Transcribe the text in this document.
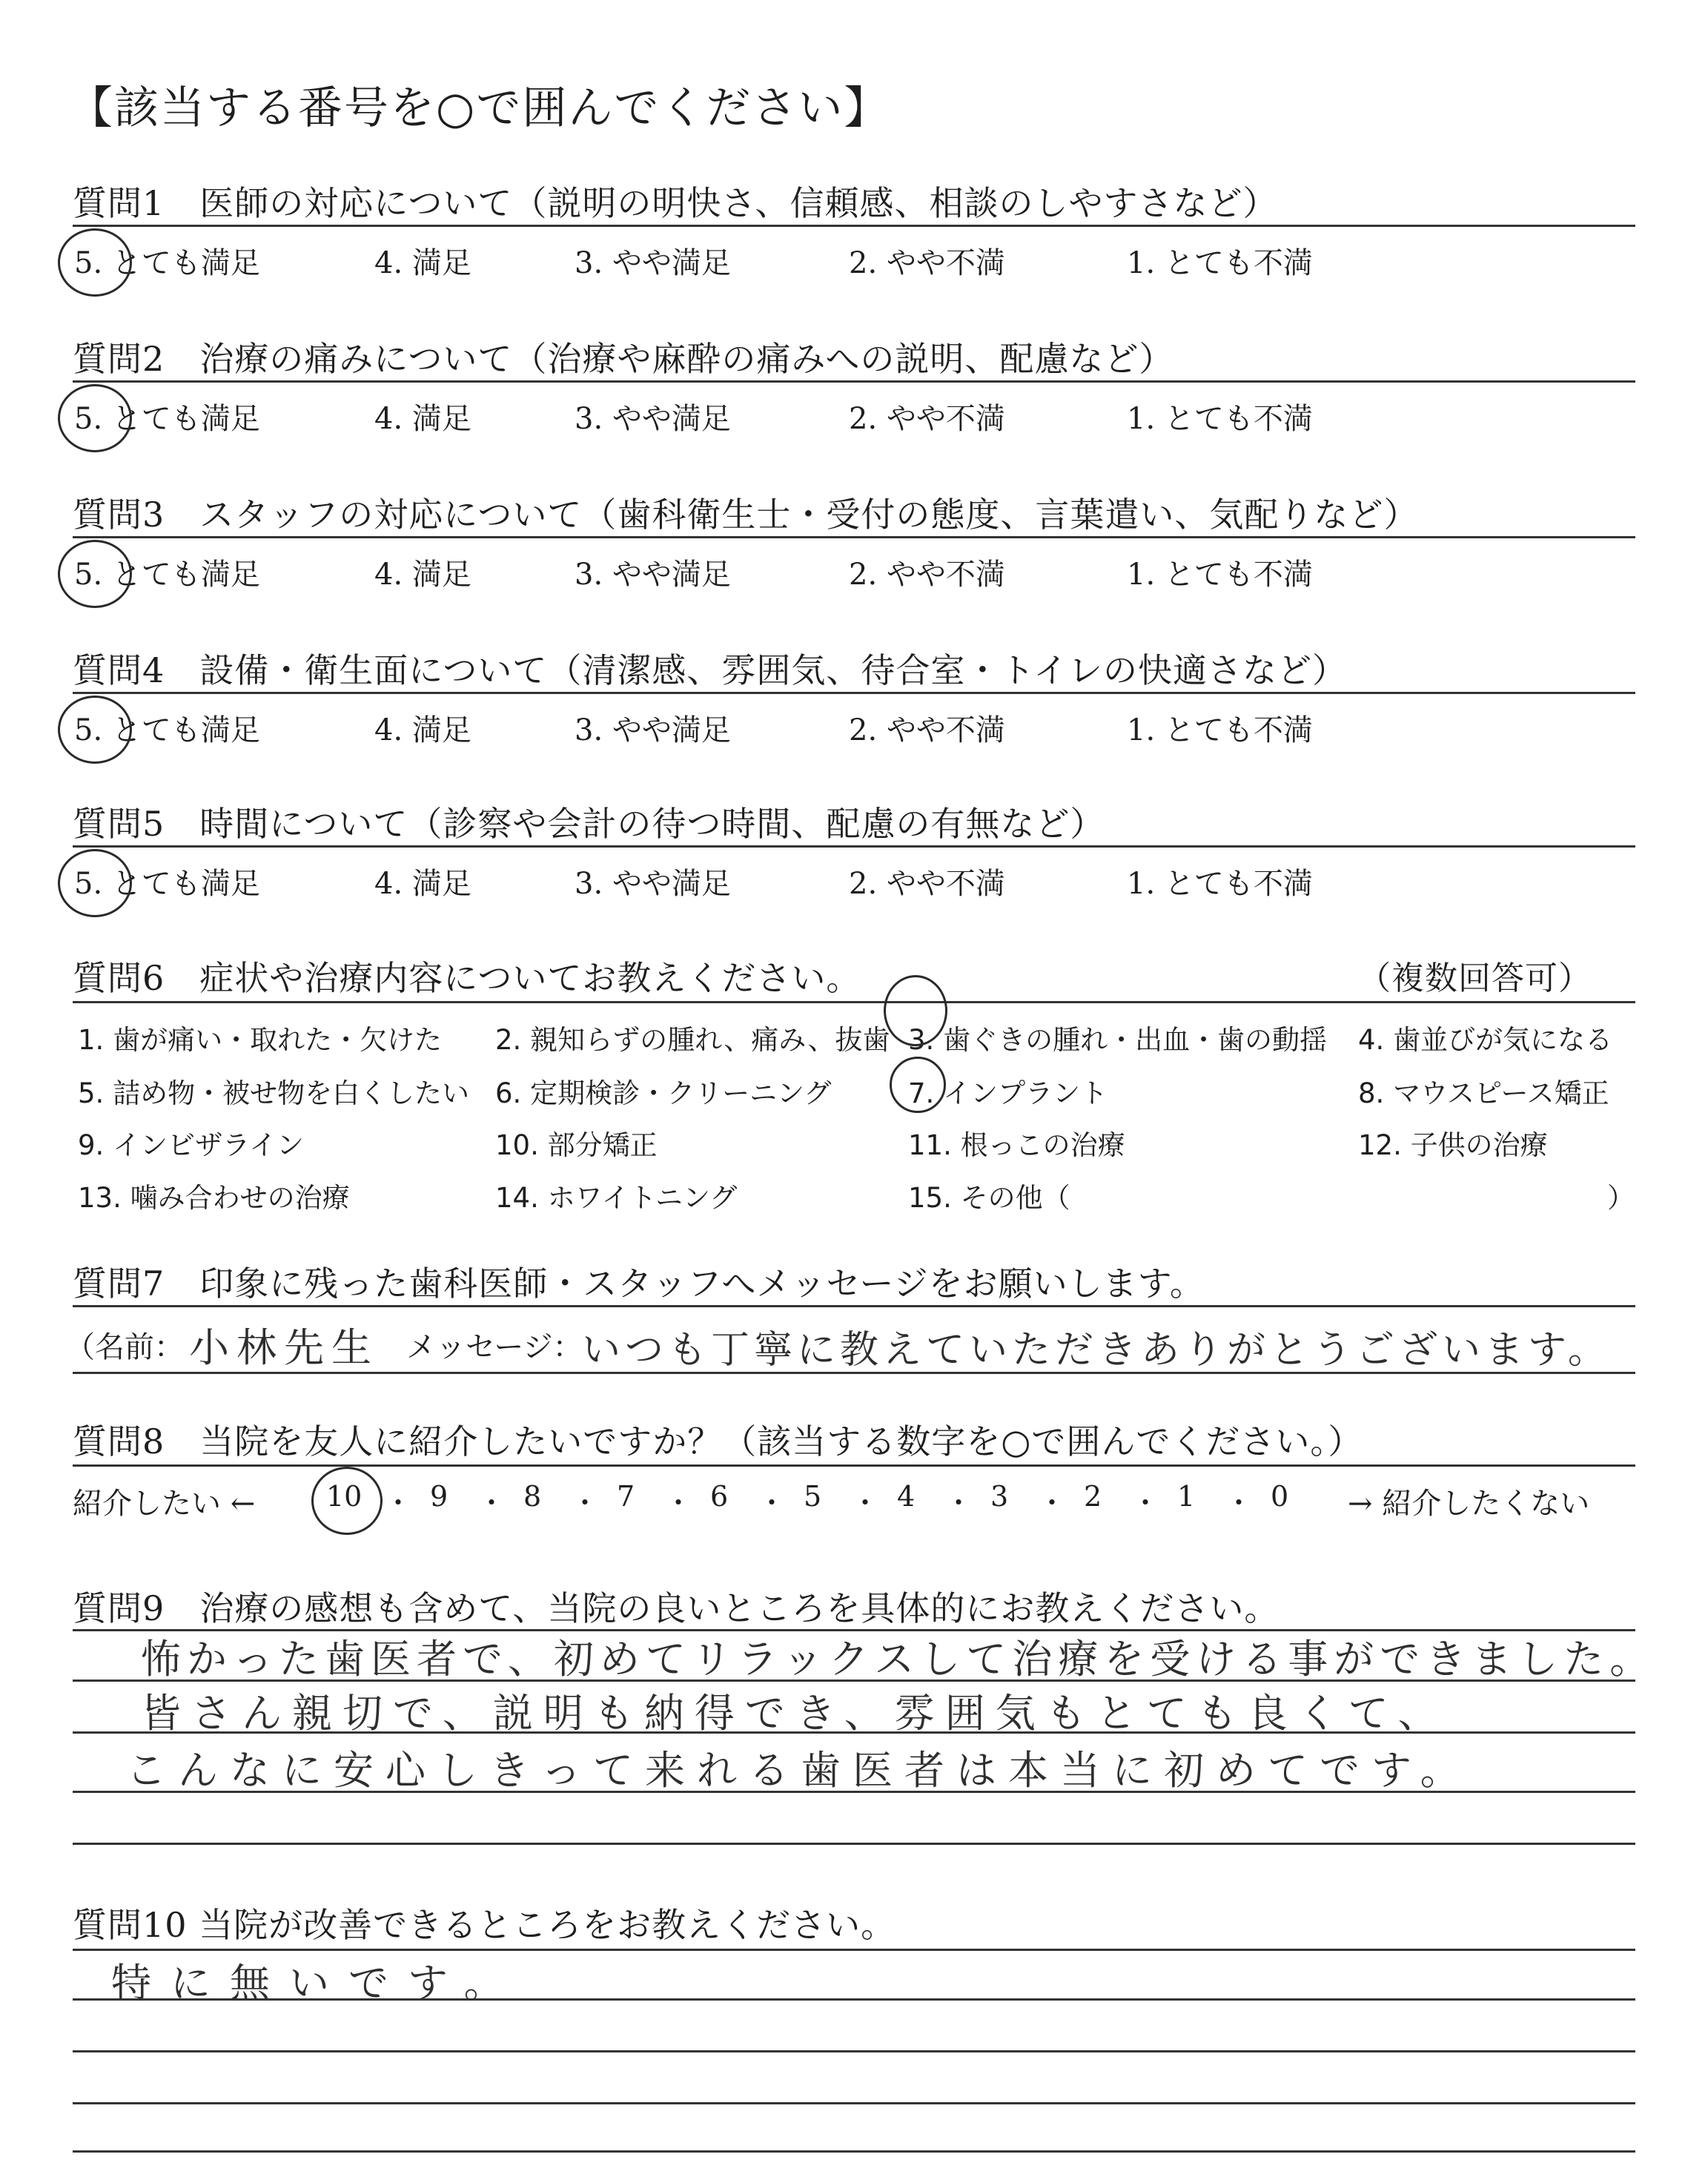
【該当する番号を○で囲んでください】
質問1　医師の対応について（説明の明快さ、信頼感、相談のしやすさなど）
5. とても満足	4. 満足	3. やや満足	2. やや不満	1. とても不満
質問2　治療の痛みについて（治療や麻酔の痛みへの説明、配慮など）
5. とても満足	4. 満足	3. やや満足	2. やや不満	1. とても不満
質問3　スタッフの対応について（歯科衛生士・受付の態度、言葉遣い、気配りなど）
5. とても満足	4. 満足	3. やや満足	2. やや不満	1. とても不満
質問4　設備・衛生面について（清潔感、雰囲気、待合室・トイレの快適さなど）
5. とても満足	4. 満足	3. やや満足	2. やや不満	1. とても不満
質問5　時間について（診察や会計の待つ時間、配慮の有無など）
5. とても満足	4. 満足	3. やや満足	2. やや不満	1. とても不満
質問6　症状や治療内容についてお教えください。	（複数回答可）
1. 歯が痛い・取れた・欠けた 2. 親知らずの腫れ、痛み、抜歯 3. 歯ぐきの腫れ・出血・歯の動揺 4. 歯並びが気になる
5. 詰め物・被せ物を白くしたい 6. 定期検診・クリーニング	7. インプラント	8. マウスピース矯正
9. インビザライン	10. 部分矯正	11. 根っこの治療	12. 子供の治療
13. 噛み合わせの治療	14. ホワイトニング	15. その他（	）
質問7　印象に残った歯科医師・スタッフへメッセージをお願いします。
（名前： 小林先生 メッセージ： いつも丁寧に教えていただきありがとうございます。
質問8　当院を友人に紹介したいですか？（該当する数字を○で囲んでください。）
紹介したい ←	10 ・ 9 ・ 8 ・ 7 ・ 6 ・ 5 ・ 4 ・ 3 ・ 2 ・ 1 ・ 0 → 紹介したくない
質問9　治療の感想も含めて、当院の良いところを具体的にお教えください。
怖かった歯医者で、初めてリラックスして治療を受ける事ができました。
皆さん親切で、説明も納得でき、雰囲気もとても良くて、
こんなに安心しきって来れる歯医者は本当に初めてです。
質問10 当院が改善できるところをお教えください。
特に無いです。
